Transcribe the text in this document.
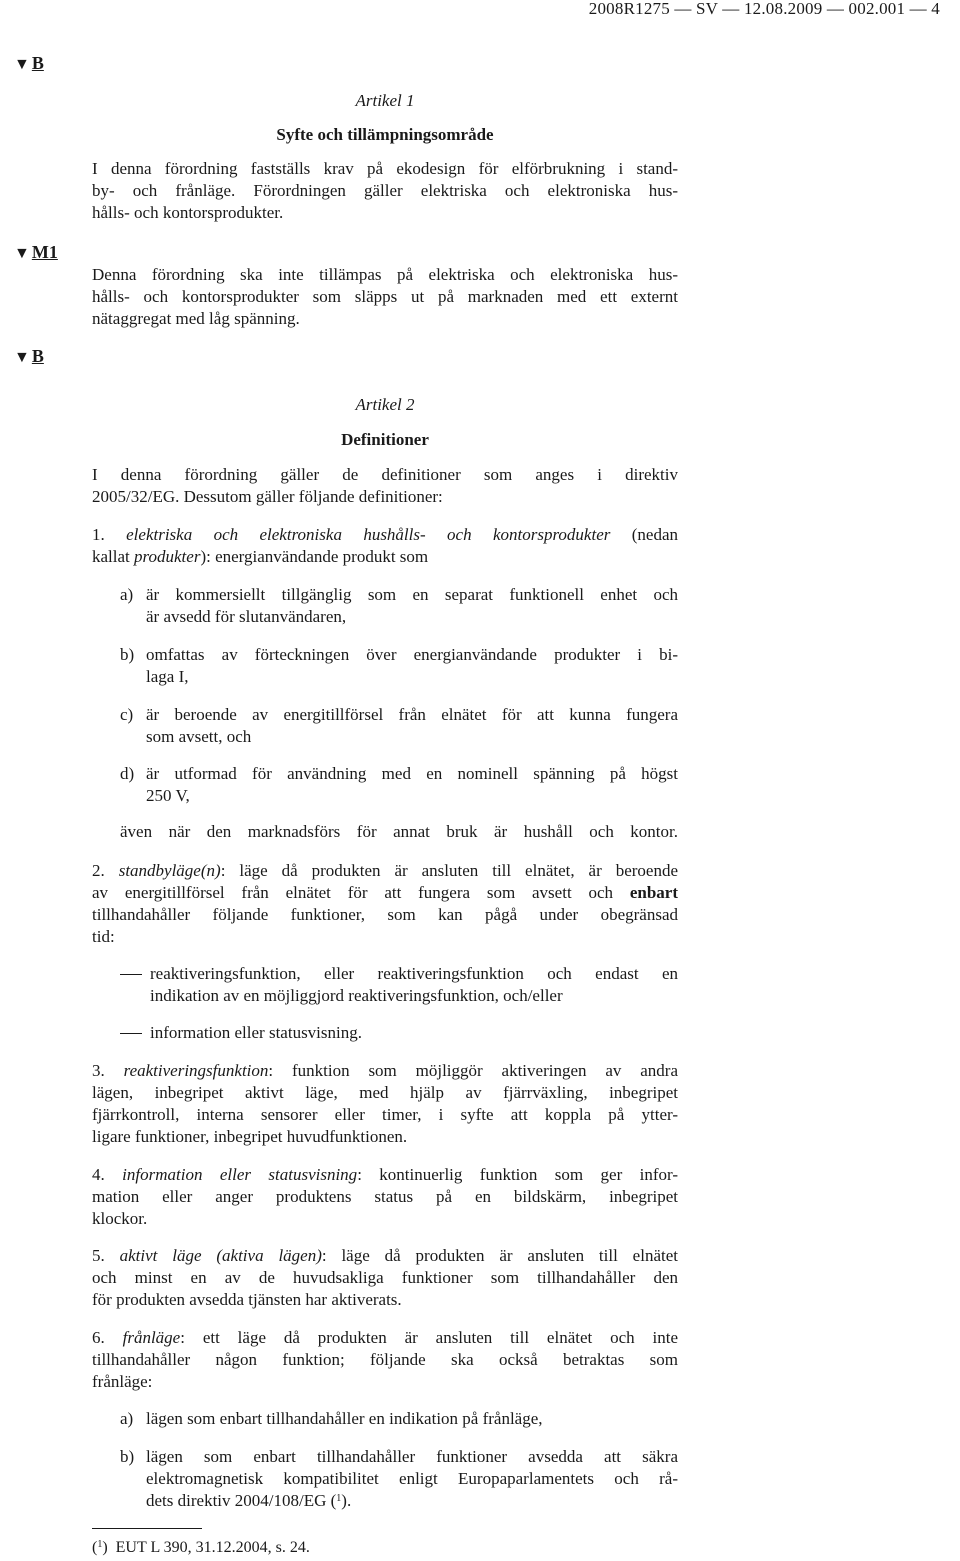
2008R1275 — SV — 12.08.2009 — 002.001 — 4
▼ B
▼ M1
▼ B
Artikel 1
Syfte och tillämpningsområde
I denna förordning fastställs krav på ekodesign för elförbrukning i stand-
by- och frånläge. Förordningen gäller elektriska och elektroniska hus-
hålls- och kontorsprodukter.
Denna förordning ska inte tillämpas på elektriska och elektroniska hus-
hålls- och kontorsprodukter som släpps ut på marknaden med ett externt
nätaggregat med låg spänning.
Artikel 2
Definitioner
I denna förordning gäller de definitioner som anges i direktiv
2005/32/EG. Dessutom gäller följande definitioner:
1. elektriska och elektroniska hushålls- och kontorsprodukter (nedan
kallat produkter): energianvändande produkt som
a) är kommersiellt tillgänglig som en separat funktionell enhet och
är avsedd för slutanvändaren,
b) omfattas av förteckningen över energianvändande produkter i bi-
laga I,
c) är beroende av energitillförsel från elnätet för att kunna fungera
som avsett, och
d) är utformad för användning med en nominell spänning på högst
250 V,
även när den marknadsförs för annat bruk är hushåll och kontor.
2. standbyläge(n): läge då produkten är ansluten till elnätet, är beroende
av energitillförsel från elnätet för att fungera som avsett och enbart
tillhandahåller följande funktioner, som kan pågå under obegränsad
tid:
reaktiveringsfunktion, eller reaktiveringsfunktion och endast en
indikation av en möjliggjord reaktiveringsfunktion, och/eller
information eller statusvisning.
3. reaktiveringsfunktion: funktion som möjliggör aktiveringen av andra
lägen, inbegripet aktivt läge, med hjälp av fjärrväxling, inbegripet
fjärrkontroll, interna sensorer eller timer, i syfte att koppla på ytter-
ligare funktioner, inbegripet huvudfunktionen.
4. information eller statusvisning: kontinuerlig funktion som ger infor-
mation eller anger produktens status på en bildskärm, inbegripet
klockor.
5. aktivt läge (aktiva lägen): läge då produkten är ansluten till elnätet
och minst en av de huvudsakliga funktioner som tillhandahåller den
för produkten avsedda tjänsten har aktiverats.
6. frånläge: ett läge då produkten är ansluten till elnätet och inte
tillhandahåller någon funktion; följande ska också betraktas som
frånläge:
a) lägen som enbart tillhandahåller en indikation på frånläge,
b) lägen som enbart tillhandahåller funktioner avsedda att säkra
elektromagnetisk kompatibilitet enligt Europaparlamentets och rå-
dets direktiv 2004/108/EG ($^1$).
($^1$) EUT L 390, 31.12.2004, s. 24.
